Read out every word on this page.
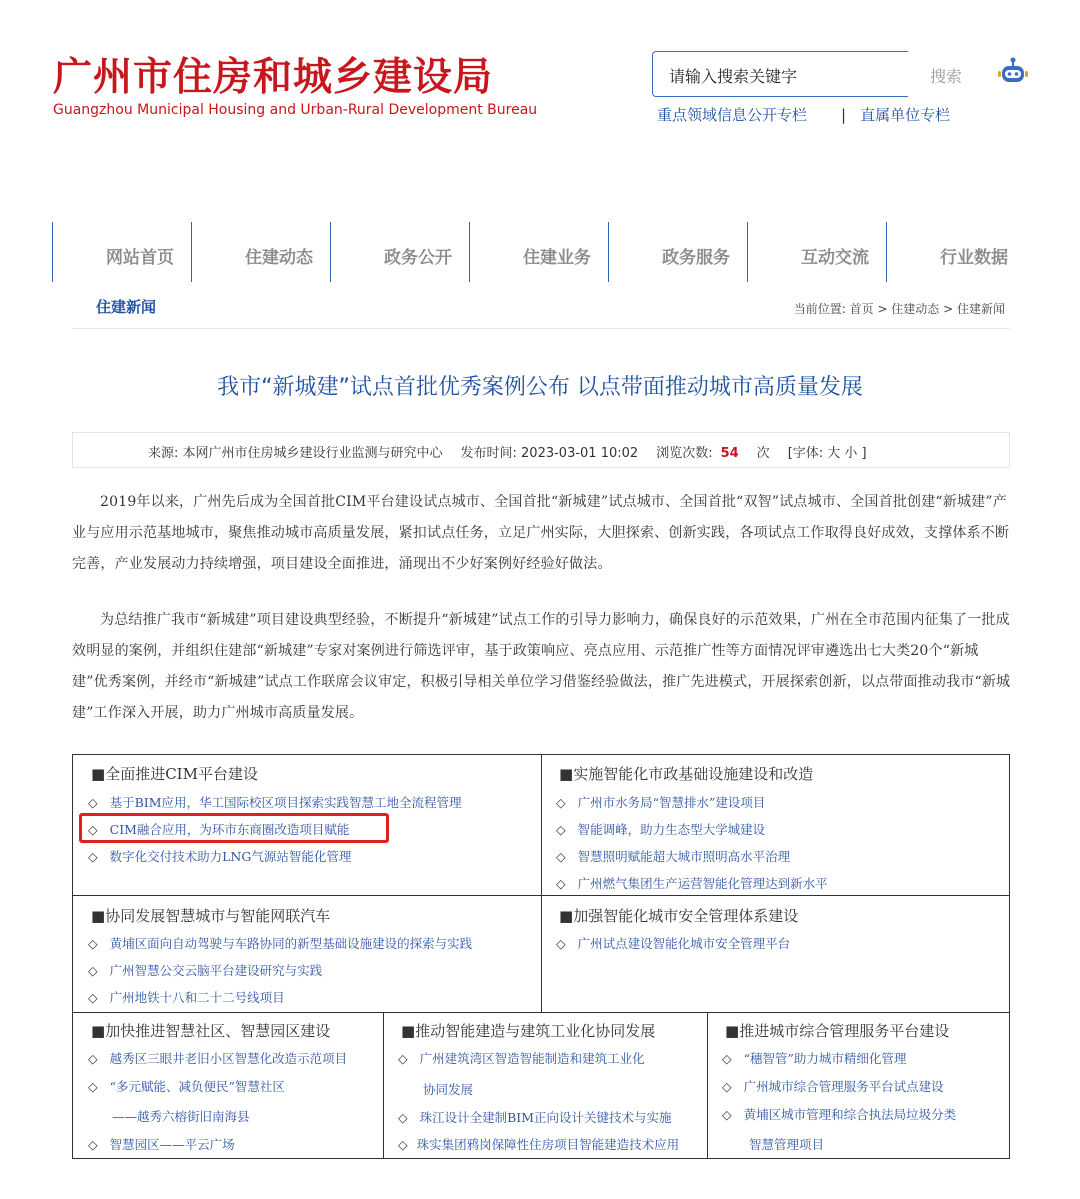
广州市住房和城乡建设局
Guangzhou Municipal Housing and Urban-Rural Development Bureau
请输入搜索关键字	搜索
重点领域信息公开专栏 | 直属单位专栏
网站首页	住建动态	政务公开	住建业务	政务服务	互动交流	行业数据
住建新闻	当前位置: 首页 > 住建动态 > 住建新闻
我市“新城建”试点首批优秀案例公布 以点带面推动城市高质量发展
来源: 本网广州市住房城乡建设行业监测与研究中心 发布时间: 2023-03-01 10:02 浏览次数: 54 次 [字体: 大 小 ]

2019年以来，广州先后成为全国首批CIM平台建设试点城市、全国首批“新城建”试点城市、全国首批“双智”试点城市、全国首批创建“新城建”产业与应用示范基地城市，聚焦推动城市高质量发展，紧扣试点任务，立足广州实际，大胆探索、创新实践，各项试点工作取得良好成效，支撑体系不断完善，产业发展动力持续增强，项目建设全面推进，涌现出不少好案例好经验好做法。

为总结推广我市“新城建”项目建设典型经验，不断提升“新城建”试点工作的引导力影响力，确保良好的示范效果，广州在全市范围内征集了一批成效明显的案例，并组织住建部“新城建”专家对案例进行筛选评审，基于政策响应、亮点应用、示范推广性等方面情况评审遴选出七大类20个“新城建”优秀案例，并经市“新城建”试点工作联席会议审定，积极引导相关单位学习借鉴经验做法，推广先进模式，开展探索创新，以点带面推动我市“新城建”工作深入开展，助力广州城市高质量发展。

■全面推进CIM平台建设
◇ 基于BIM应用，华工国际校区项目探索实践智慧工地全流程管理
◇ CIM融合应用，为环市东商圈改造项目赋能
◇ 数字化交付技术助力LNG气源站智能化管理
■实施智能化市政基础设施建设和改造
◇ 广州市水务局“智慧排水”建设项目
◇ 智能调峰，助力生态型大学城建设
◇ 智慧照明赋能超大城市照明高水平治理
◇ 广州燃气集团生产运营智能化管理达到新水平
■协同发展智慧城市与智能网联汽车
◇ 黄埔区面向自动驾驶与车路协同的新型基础设施建设的探索与实践
◇ 广州智慧公交云脑平台建设研究与实践
◇ 广州地铁十八和二十二号线项目
■加强智能化城市安全管理体系建设
◇ 广州试点建设智能化城市安全管理平台
■加快推进智慧社区、智慧园区建设
◇ 越秀区三眼井老旧小区智慧化改造示范项目
◇ “多元赋能、减负便民”智慧社区
——越秀六榕街旧南海县
◇ 智慧园区——平云广场
■推动智能建造与建筑工业化协同发展
◇ 广州建筑湾区智造智能制造和建筑工业化
协同发展
◇ 珠江设计全建制BIM正向设计关键技术与实施
◇ 珠实集团鸦岗保障性住房项目智能建造技术应用
■推进城市综合管理服务平台建设
◇ “穗智管”助力城市精细化管理
◇ 广州城市综合管理服务平台试点建设
◇ 黄埔区城市管理和综合执法局垃圾分类
智慧管理项目
